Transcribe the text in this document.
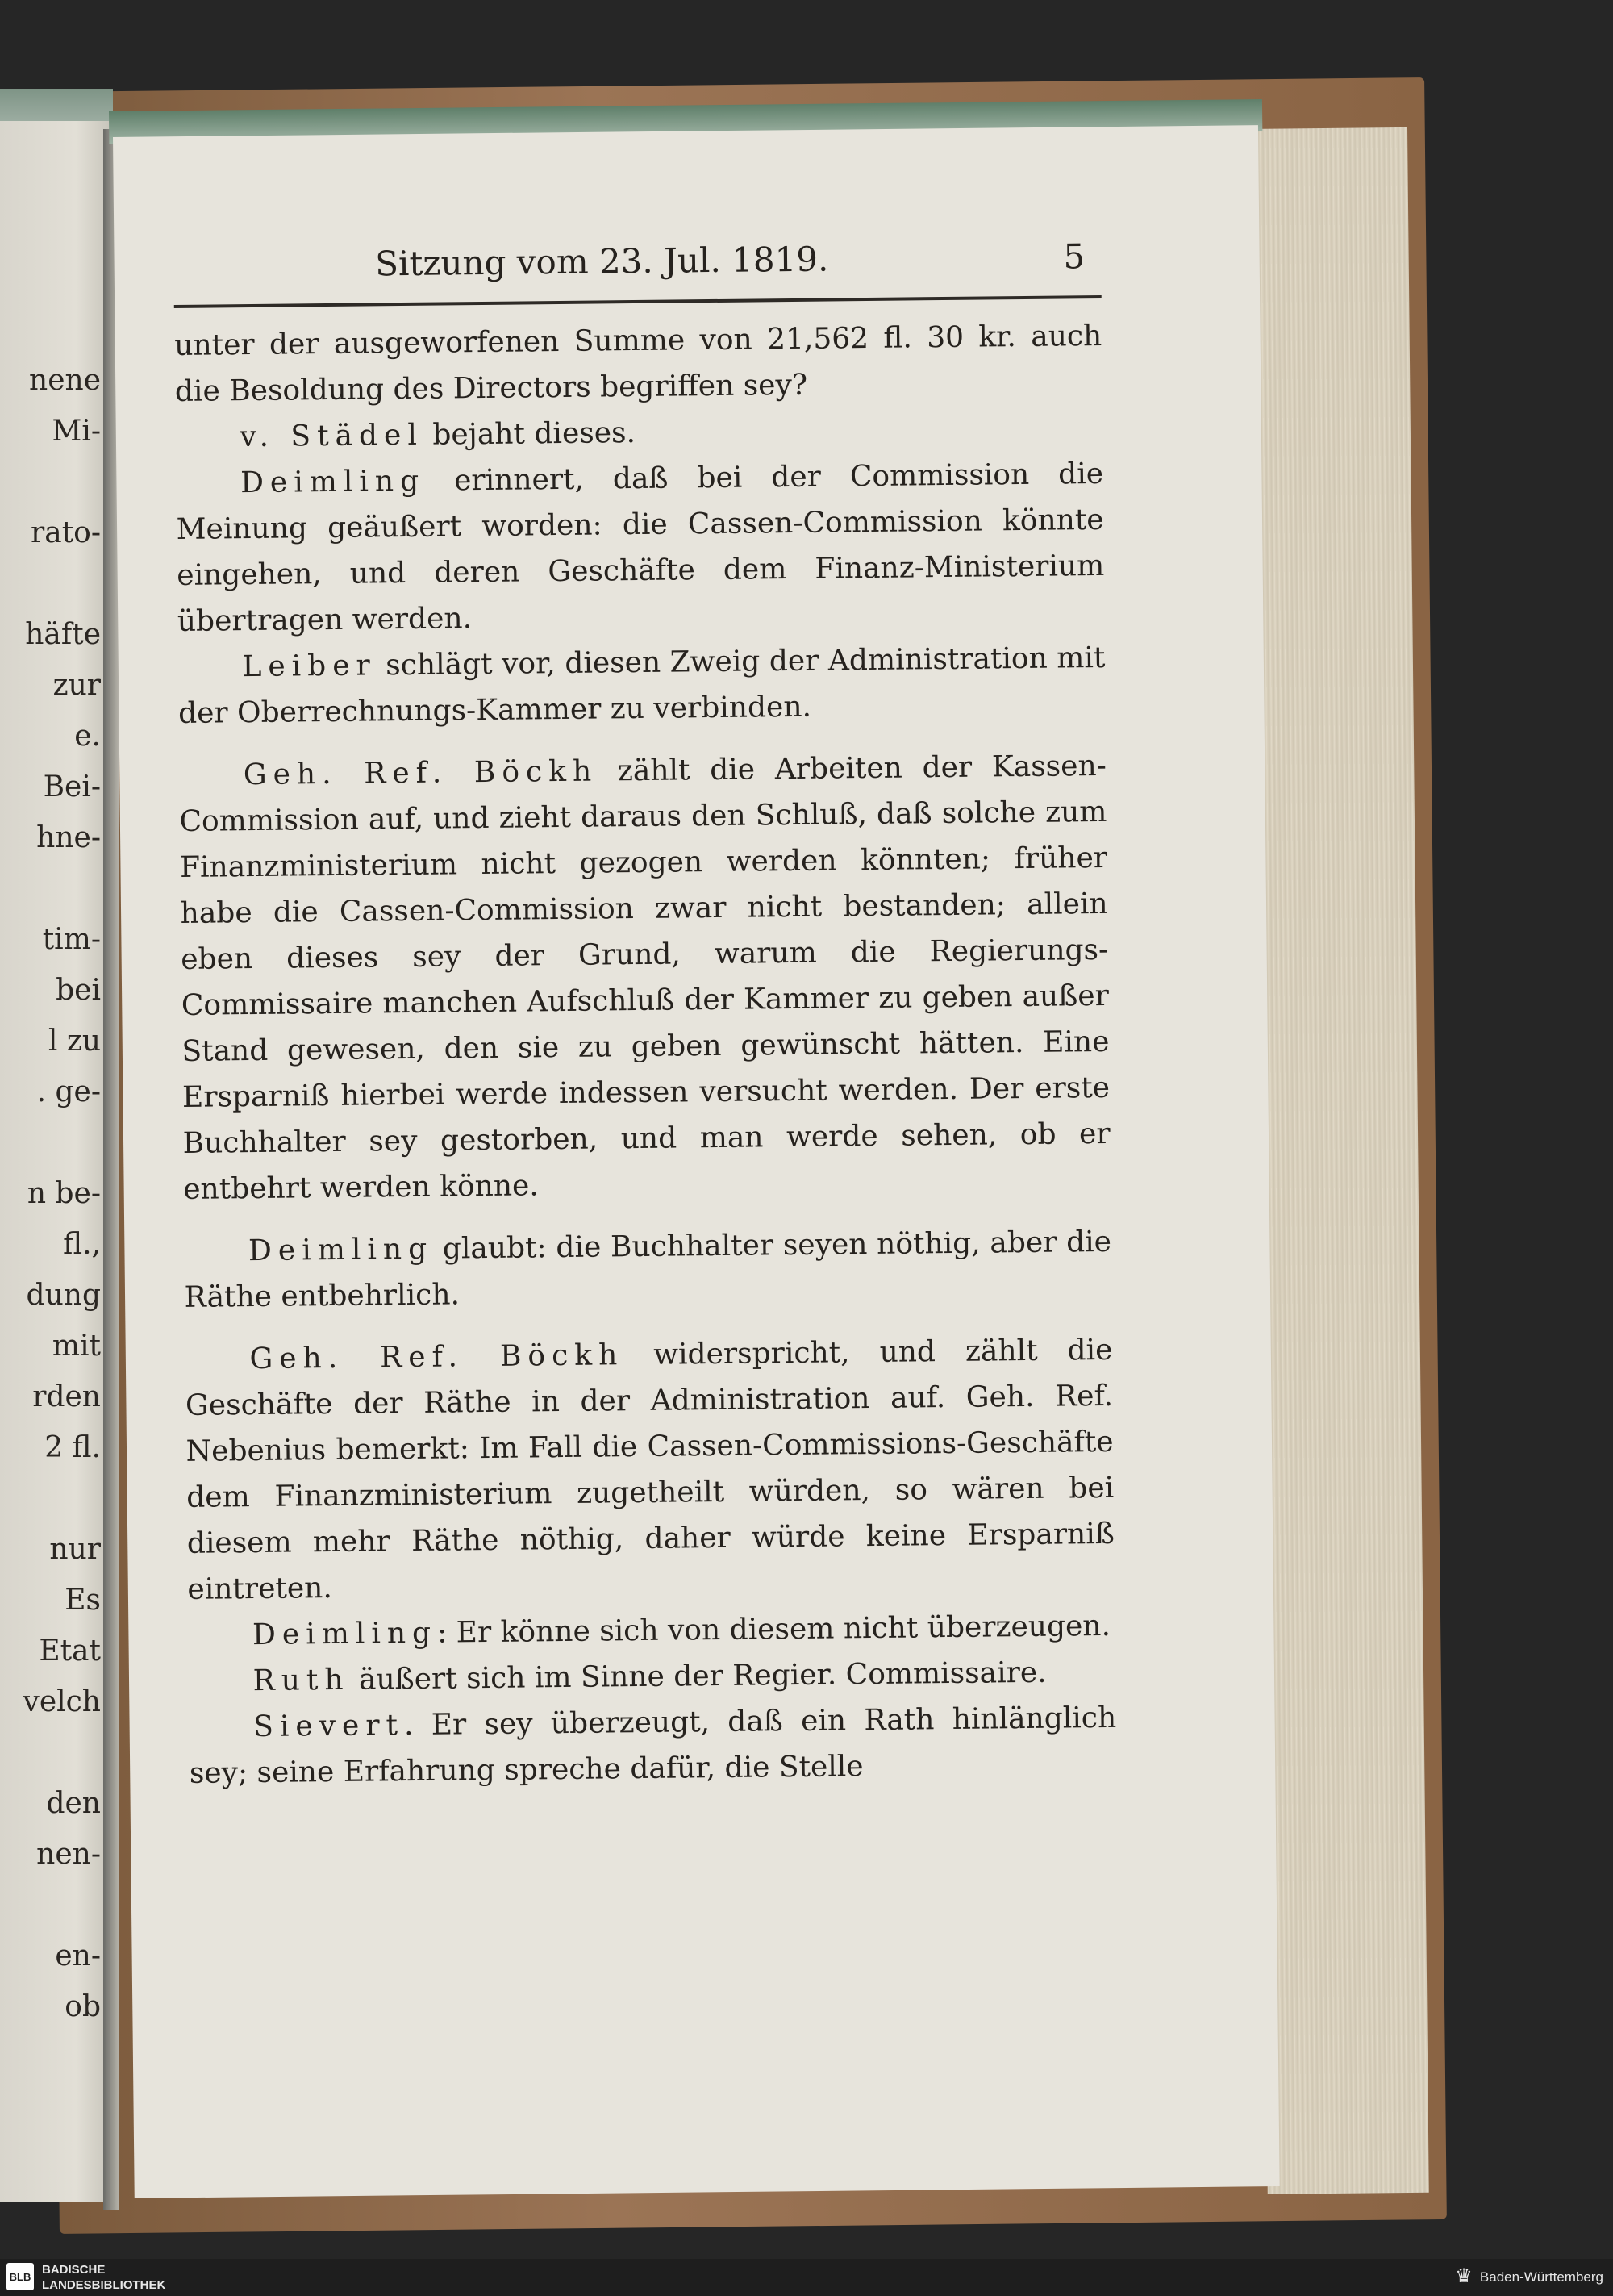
nene
Mi-
rato-
häfte
zur
e.
Bei-
hne-
tim-
bei
l zu
. ge-
n be-
fl.,
dung
mit
rden
2 fl.
nur
Es
Etat
velch
den
nen-
en-
ob
Sitzung vom 23. Jul. 1819.	5

unter der ausgeworfenen Summe von 21,562 fl. 30 kr. auch die Besoldung des Directors begriffen sey?

v. Städel bejaht dieses.

Deimling erinnert, daß bei der Commission die Meinung geäußert worden: die Cassen-Commission könnte eingehen, und deren Geschäfte dem Finanz-Ministerium übertragen werden.

Leiber schlägt vor, diesen Zweig der Administration mit der Oberrechnungs-Kammer zu verbinden.

Geh. Ref. Böckh zählt die Arbeiten der Kassen-Commission auf, und zieht daraus den Schluß, daß solche zum Finanzministerium nicht gezogen werden könnten; früher habe die Cassen-Commission zwar nicht bestanden; allein eben dieses sey der Grund, warum die Regierungs-Commissaire manchen Aufschluß der Kammer zu geben außer Stand gewesen, den sie zu geben gewünscht hätten. Eine Ersparniß hierbei werde indessen versucht werden. Der erste Buchhalter sey gestorben, und man werde sehen, ob er entbehrt werden könne.

Deimling glaubt: die Buchhalter seyen nöthig, aber die Räthe entbehrlich.

Geh. Ref. Böckh widerspricht, und zählt die Geschäfte der Räthe in der Administration auf. Geh. Ref. Nebenius bemerkt: Im Fall die Cassen-Commissions-Geschäfte dem Finanzministerium zugetheilt würden, so wären bei diesem mehr Räthe nöthig, daher würde keine Ersparniß eintreten.

Deimling: Er könne sich von diesem nicht überzeugen.

Ruth äußert sich im Sinne der Regier. Commissaire.

Sievert. Er sey überzeugt, daß ein Rath hinlänglich sey; seine Erfahrung spreche dafür, die Stelle

BLB BADISCHE
LANDESBIBLIOTHEK	♛ Baden-Württemberg
